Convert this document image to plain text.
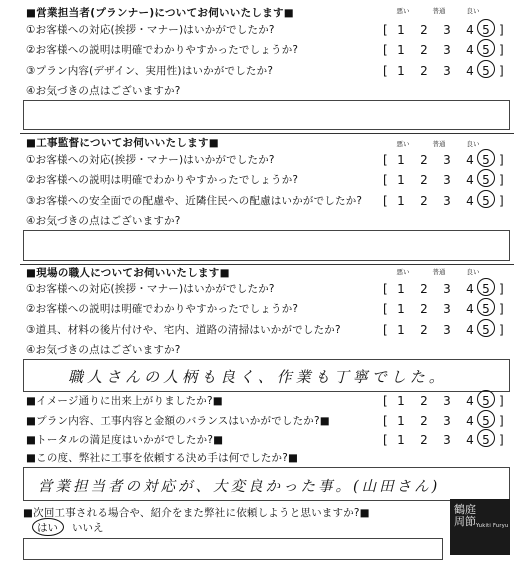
■営業担当者(プランナー)についてお伺いいたします■	悪い	普通	良い
①お客様への対応(挨拶・マナー)はいかがでしたか?	[ 1	2	3	4 5 ]
②お客様への説明は明確でわかりやすかったでしょうか?	[ 1	2	3	4 5 ]
③プラン内容(デザイン、実用性)はいかがでしたか?	[ 1	2	3	4 5 ]
④お気づきの点はございますか?
■工事監督についてお伺いいたします■	悪い	普通	良い
①お客様への対応(挨拶・マナー)はいかがでしたか?	[ 1	2	3	4 5 ]
②お客様への説明は明確でわかりやすかったでしょうか?	[ 1	2	3	4 5 ]
③お客様への安全面での配慮や、近隣住民への配慮はいかがでしたか? [ 1	2	3	4 5 ]
④お気づきの点はございますか?
■現場の職人についてお伺いいたします■	悪い	普通	良い
①お客様への対応(挨拶・マナー)はいかがでしたか?	[ 1	2	3	4 5 ]
②お客様への説明は明確でわかりやすかったでしょうか?	[ 1	2	3	4 5 ]
③道具、材料の後片付けや、宅内、道路の清掃はいかがでしたか?	[ 1	2	3	4 5 ]
④お気づきの点はございますか?
職人さんの人柄も良く、作業も丁寧でした。
■イメージ通りに出来上がりましたか?■	[ 1	2	3	4 5 ]
■プラン内容、工事内容と金額のバランスはいかがでしたか?■	[ 1	2	3	4 5 ]
■トータルの満足度はいかがでしたか?■	[ 1	2	3	4 5 ]
■この度、弊社に工事を依頼する決め手は何でしたか?■
営業担当者の対応が、大変良かった事。(山田さん)
■次回工事される場合や、紹介をまた弊社に依頼しようと思いますか?■
はい いいえ
鶴庭周節 Yukiti Furyu
